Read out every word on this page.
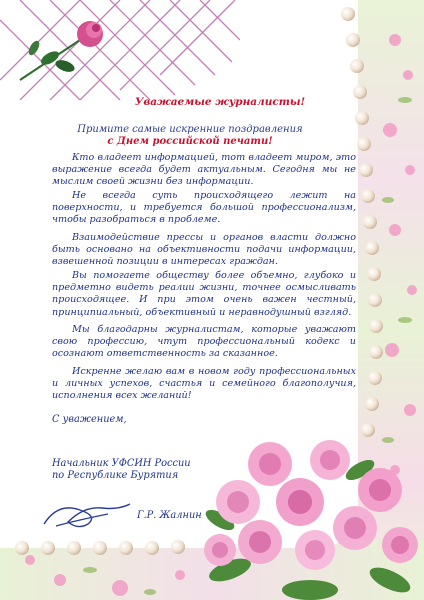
Уважаемые журналисты!
Примите самые искренние поздравления
с Днем российской печати!

Кто владеет информацией, тот владеет миром, это выражение всегда будет актуальным. Сегодня мы не мыслим своей жизни без информации.

Не всегда суть происходящего лежит на поверхности, и требуется большой профессионализм, чтобы разобраться в проблеме.

Взаимодействие прессы и органов власти должно быть основано на объективности подачи информации, взвешенной позиции в интересах граждан.

Вы помогаете обществу более объемно, глубоко и предметно видеть реалии жизни, точнее осмысливать происходящее. И при этом очень важен честный, принципиальный, объективный и неравнодушный взгляд.

Мы благодарны журналистам, которые уважают свою профессию, чтут профессиональный кодекс и осознают ответственность за сказанное.

Искренне желаю вам в новом году профессиональных и личных успехов, счастья и семейного благополучия, исполнения всех желаний!

С уважением,
Начальник УФСИН России
по Республике Бурятия
Г.Р. Жалнин
